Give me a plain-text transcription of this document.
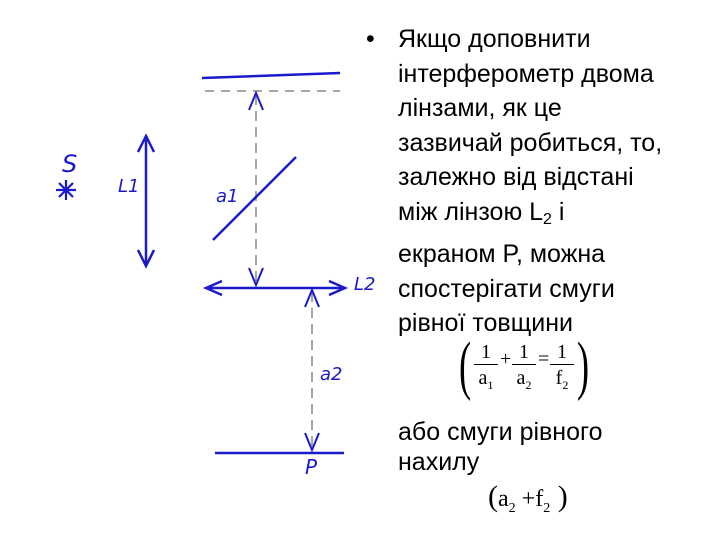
S
L1	a1
L2
a2
P
• Якщо доповнити
інтерферометр двома
лінзами, як це
зазвичай робиться, то,
залежно від відстані
між лінзою $L_2$ і
екраном P, можна
спостерігати смуги
рівної товщини
( $\frac{1}{a_1} + \frac{1}{a_2} = \frac{1}{f_2}$ )
або смуги рівного
нахилу
($a_2 +f_2$ )
